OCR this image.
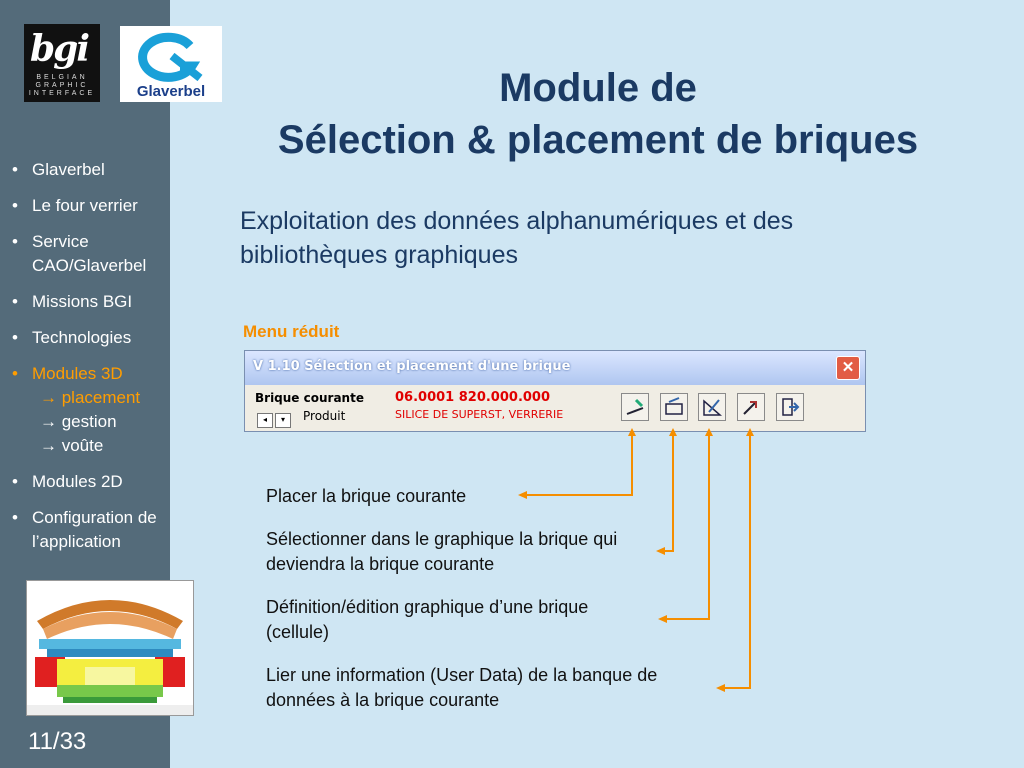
bgi
BELGIAN
GRAPHIC
INTERFACE	Glaverbel
• Glaverbel
• Le four verrier
• Service CAO/Glaverbel
• Missions BGI
• Technologies
• Modules 3D
→ placement
→ gestion
→ voûte
• Modules 2D
• Configuration de l’application
11/33
Module de
Sélection & placement de briques
Exploitation des données alphanumériques et des bibliothèques graphiques
Menu réduit
V 1.10 Sélection et placement d'une brique	✕
Brique courante
◂	▾	Produit
06.0001 820.000.000
SILICE DE SUPERST, VERRERIE
Placer la brique courante
Sélectionner dans le graphique la brique qui deviendra la brique courante
Définition/édition graphique d’une brique (cellule)
Lier une information (User Data) de la banque de données à la brique courante
